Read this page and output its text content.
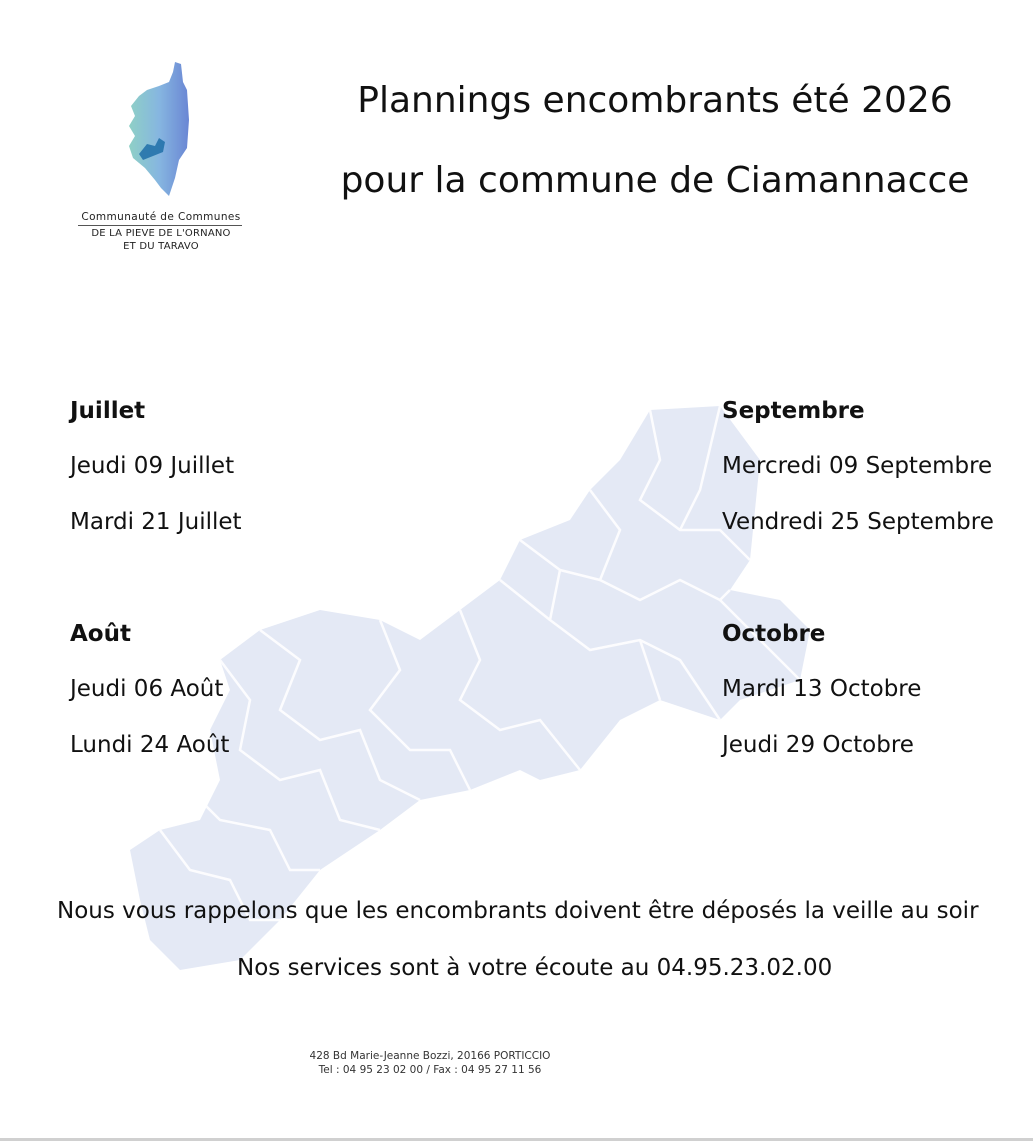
Communauté de Communes
DE LA PIEVE DE L'ORNANO
ET DU TARAVO
Plannings encombrants été 2026
pour la commune de Ciamannacce
Juillet
Jeudi 09 Juillet
Mardi 21 Juillet
Septembre
Mercredi 09 Septembre
Vendredi 25 Septembre
Août
Jeudi 06 Août
Lundi 24 Août
Octobre
Mardi 13 Octobre
Jeudi 29 Octobre
Nous vous rappelons que les encombrants doivent être déposés la veille au soir
Nos services sont à votre écoute au 04.95.23.02.00
428 Bd Marie-Jeanne Bozzi, 20166 PORTICCIO
Tel : 04 95 23 02 00 / Fax : 04 95 27 11 56
